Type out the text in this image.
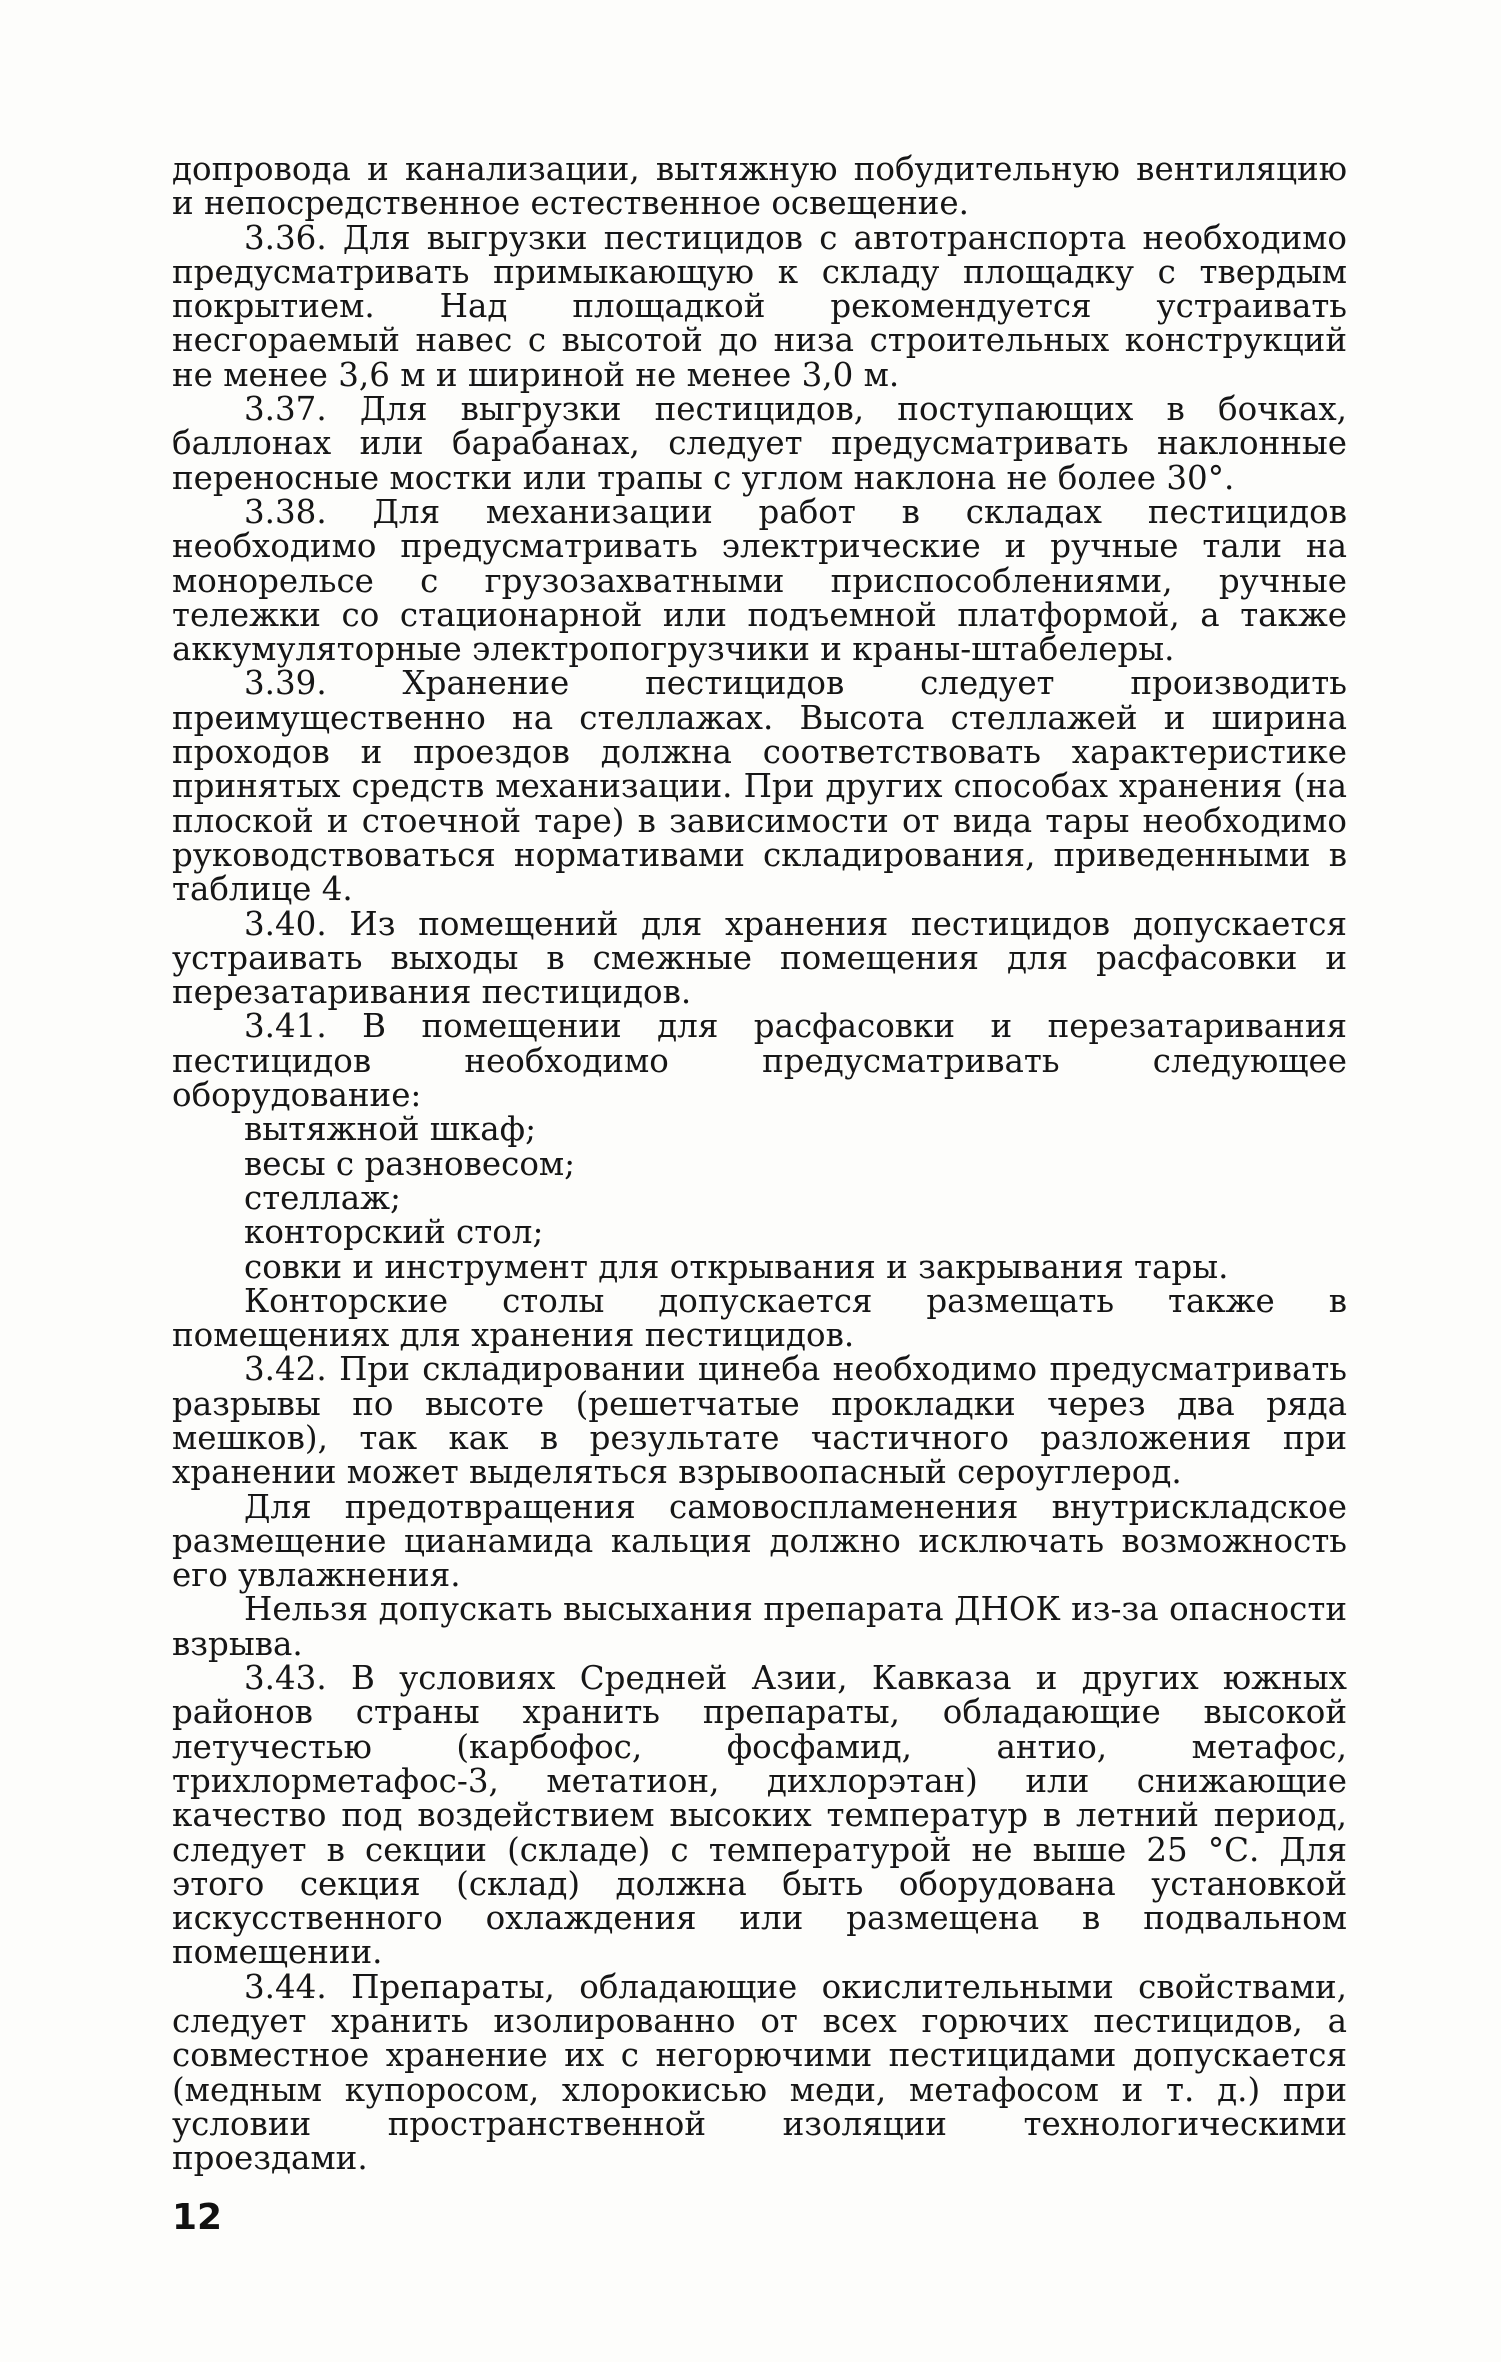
допровода и канализации, вытяжную побудительную вентиляцию и непосредственное естественное освещение.

3.36. Для выгрузки пестицидов с автотранспорта необходимо предусматривать примыкающую к складу площадку с твердым покрытием. Над площадкой рекомендуется устраивать несгораемый навес с высотой до низа строительных конструкций не менее 3,6 м и шириной не менее 3,0 м.

3.37. Для выгрузки пестицидов, поступающих в бочках, баллонах или барабанах, следует предусматривать наклонные переносные мостки или трапы с углом наклона не более 30°.

3.38. Для механизации работ в складах пестицидов необходимо предусматривать электрические и ручные тали на монорельсе с грузозахватными приспособлениями, ручные тележки со стационарной или подъемной платформой, а также аккумуляторные электропогрузчики и краны-штабелеры.

3.39. Хранение пестицидов следует производить преимущественно на стеллажах. Высота стеллажей и ширина проходов и проездов должна соответствовать характеристике принятых средств механизации. При других способах хранения (на плоской и стоечной таре) в зависимости от вида тары необходимо руководствоваться нормативами складирования, приведенными в таблице 4.

3.40. Из помещений для хранения пестицидов допускается устраивать выходы в смежные помещения для расфасовки и перезатаривания пестицидов.

3.41. В помещении для расфасовки и перезатаривания пестицидов необходимо предусматривать следующее оборудование:

вытяжной шкаф;
весы с разновесом;
стеллаж;
конторский стол;
совки и инструмент для открывания и закрывания тары.

Конторские столы допускается размещать также в помещениях для хранения пестицидов.

3.42. При складировании цинеба необходимо предусматривать разрывы по высоте (решетчатые прокладки через два ряда мешков), так как в результате частичного разложения при хранении может выделяться взрывоопасный сероуглерод.

Для предотвращения самовоспламенения внутрискладское размещение цианамида кальция должно исключать возможность его увлажнения.

Нельзя допускать высыхания препарата ДНОК из-за опасности взрыва.

3.43. В условиях Средней Азии, Кавказа и других южных районов страны хранить препараты, обладающие высокой летучестью (карбофос, фосфамид, антио, метафос, трихлорметафос-3, метатион, дихлорэтан) или снижающие качество под воздействием высоких температур в летний период, следует в секции (складе) с температурой не выше 25 °С. Для этого секция (склад) должна быть оборудована установкой искусственного охлаждения или размещена в подвальном помещении.

3.44. Препараты, обладающие окислительными свойствами, следует хранить изолированно от всех горючих пестицидов, а совместное хранение их с негорючими пестицидами допускается (медным купоросом, хлорокисью меди, метафосом и т. д.) при условии пространственной изоляции технологическими проездами.

12
